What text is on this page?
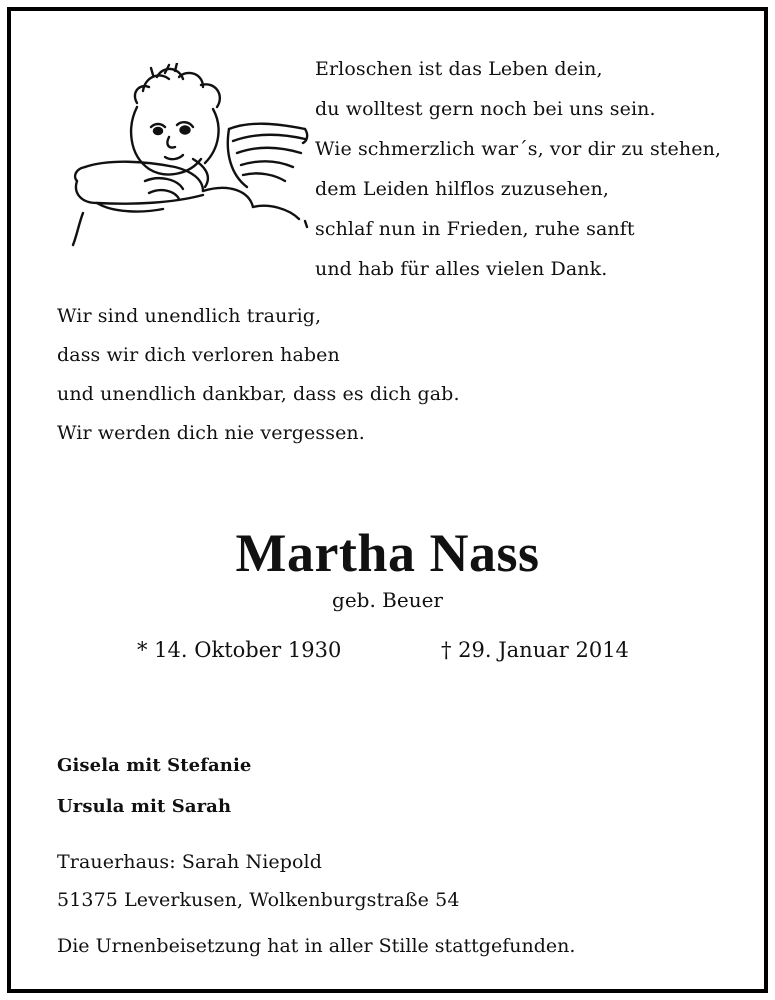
Erloschen ist das Leben dein,
du wolltest gern noch bei uns sein.
Wie schmerzlich war´s, vor dir zu stehen,
dem Leiden hilflos zuzusehen,
schlaf nun in Frieden, ruhe sanft
und hab für alles vielen Dank.
Wir sind unendlich traurig,
dass wir dich verloren haben
und unendlich dankbar, dass es dich gab.
Wir werden dich nie vergessen.
Martha Nass
geb. Beuer
* 14. Oktober 1930	† 29. Januar 2014
Gisela mit Stefanie
Ursula mit Sarah
Trauerhaus: Sarah Niepold
51375 Leverkusen, Wolkenburgstraße 54
Die Urnenbeisetzung hat in aller Stille stattgefunden.
